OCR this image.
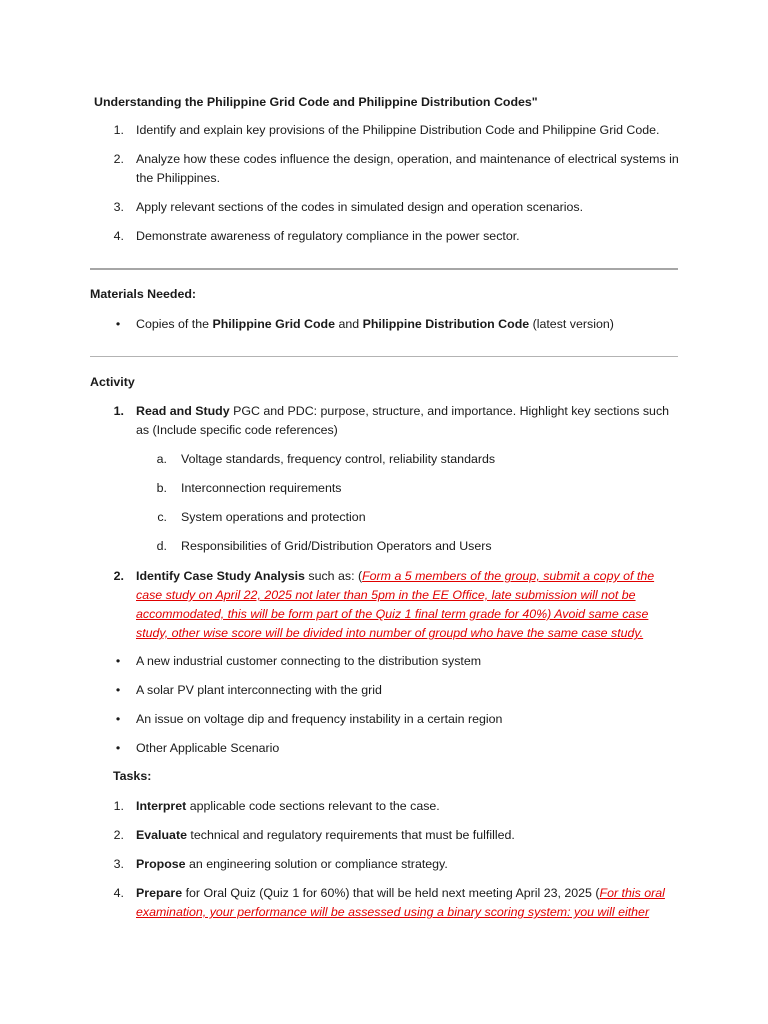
Understanding the Philippine Grid Code and Philippine Distribution Codes"
1. Identify and explain key provisions of the Philippine Distribution Code and Philippine Grid Code.
2. Analyze how these codes influence the design, operation, and maintenance of electrical systems in the Philippines.
3. Apply relevant sections of the codes in simulated design and operation scenarios.
4. Demonstrate awareness of regulatory compliance in the power sector.
Materials Needed:
• Copies of the Philippine Grid Code and Philippine Distribution Code (latest version)
Activity
1. Read and Study PGC and PDC: purpose, structure, and importance. Highlight key sections such as (Include specific code references)
a. Voltage standards, frequency control, reliability standards
b. Interconnection requirements
c. System operations and protection
d. Responsibilities of Grid/Distribution Operators and Users
2. Identify Case Study Analysis such as: (Form a 5 members of the group, submit a copy of the case study on April 22, 2025 not later than 5pm in the EE Office, late submission will not be accommodated, this will be form part of the Quiz 1 final term grade for 40%) Avoid same case study, other wise score will be divided into number of groupd who have the same case study.
• A new industrial customer connecting to the distribution system
• A solar PV plant interconnecting with the grid
• An issue on voltage dip and frequency instability in a certain region
• Other Applicable Scenario
Tasks:
1. Interpret applicable code sections relevant to the case.
2. Evaluate technical and regulatory requirements that must be fulfilled.
3. Propose an engineering solution or compliance strategy.
4. Prepare for Oral Quiz (Quiz 1 for 60%) that will be held next meeting April 23, 2025 (For this oral examination, your performance will be assessed using a binary scoring system: you will either
